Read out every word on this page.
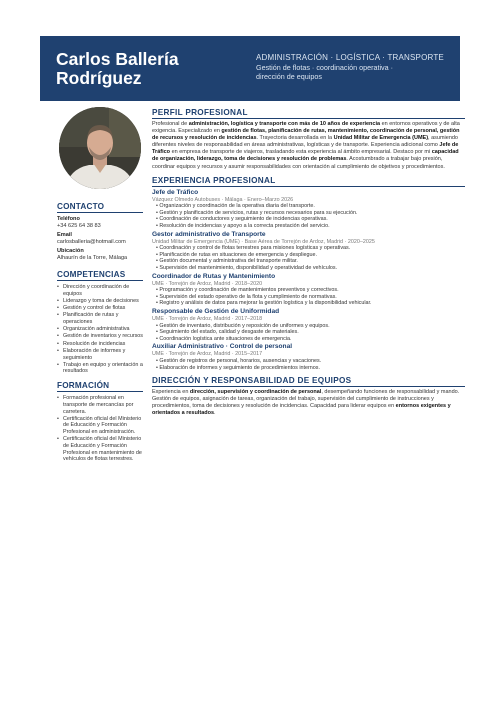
Carlos Ballería
Rodríguez
ADMINISTRACIÓN · LOGÍSTICA · TRANSPORTE
Gestión de flotas · coordinación operativa ·
dirección de equipos
CONTACTO
Teléfono
+34 625 64 38 83
Email
carlosballeria@hotmail.com
Ubicación
Alhaurín de la Torre, Málaga
COMPETENCIAS
• Dirección y coordinación de equipos
• Liderazgo y toma de decisiones
• Gestión y control de flotas
• Planificación de rutas y operaciones
• Organización administrativa
• Gestión de inventarios y recursos
• Resolución de incidencias
• Elaboración de informes y seguimiento
• Trabajo en equipo y orientación a resultados
FORMACIÓN
• Formación profesional en transporte de mercancías por carretera.
• Certificación oficial del Ministerio de Educación y Formación Profesional en administración.
• Certificación oficial del Ministerio de Educación y Formación Profesional en mantenimiento de vehículos de flotas terrestres.
PERFIL PROFESIONAL

Profesional de administración, logística y transporte con más de 10 años de experiencia en entornos operativos y de alta exigencia. Especializado en gestión de flotas, planificación de rutas, mantenimiento, coordinación de personal, gestión de recursos y resolución de incidencias. Trayectoria desarrollada en la Unidad Militar de Emergencia (UME), asumiendo diferentes niveles de responsabilidad en áreas administrativas, logísticas y de transporte. Experiencia adicional como Jefe de Tráfico en empresa de transporte de viajeros, trasladando esta experiencia al ámbito empresarial. Destaco por mi capacidad de organización, liderazgo, toma de decisiones y resolución de problemas. Acostumbrado a trabajar bajo presión, coordinar equipos y recursos y asumir responsabilidades con orientación al cumplimiento de objetivos y procedimientos.

EXPERIENCIA PROFESIONAL
Jefe de Tráfico
Vázquez Olmedo Autobuses · Málaga · Enero–Marzo 2026
• Organización y coordinación de la operativa diaria del transporte.
• Gestión y planificación de servicios, rutas y recursos necesarios para su ejecución.
• Coordinación de conductores y seguimiento de incidencias operativas.
• Resolución de incidencias y apoyo a la correcta prestación del servicio.
Gestor administrativo de Transporte
Unidad Militar de Emergencia (UME) · Base Aérea de Torrejón de Ardoz, Madrid · 2020–2025
• Coordinación y control de flotas terrestres para misiones logísticas y operativas.
• Planificación de rutas en situaciones de emergencia y despliegue.
• Gestión documental y administrativa del transporte militar.
• Supervisión del mantenimiento, disponibilidad y operatividad de vehículos.
Coordinador de Rutas y Mantenimiento
UME · Torrejón de Ardoz, Madrid · 2018–2020
• Programación y coordinación de mantenimientos preventivos y correctivos.
• Supervisión del estado operativo de la flota y cumplimiento de normativas.
• Registro y análisis de datos para mejorar la gestión logística y la disponibilidad vehicular.
Responsable de Gestión de Uniformidad
UME · Torrejón de Ardoz, Madrid · 2017–2018
• Gestión de inventario, distribución y reposición de uniformes y equipos.
• Seguimiento del estado, calidad y desgaste de materiales.
• Coordinación logística ante situaciones de emergencia.
Auxiliar Administrativo · Control de personal
UME · Torrejón de Ardoz, Madrid · 2015–2017
• Gestión de registros de personal, horarios, ausencias y vacaciones.
• Elaboración de informes y seguimiento de procedimientos internos.
DIRECCIÓN Y RESPONSABILIDAD DE EQUIPOS

Experiencia en dirección, supervisión y coordinación de personal, desempeñando funciones de responsabilidad y mando. Gestión de equipos, asignación de tareas, organización del trabajo, supervisión del cumplimiento de instrucciones y procedimientos, toma de decisiones y resolución de incidencias. Capacidad para liderar equipos en entornos exigentes y orientados a resultados.
